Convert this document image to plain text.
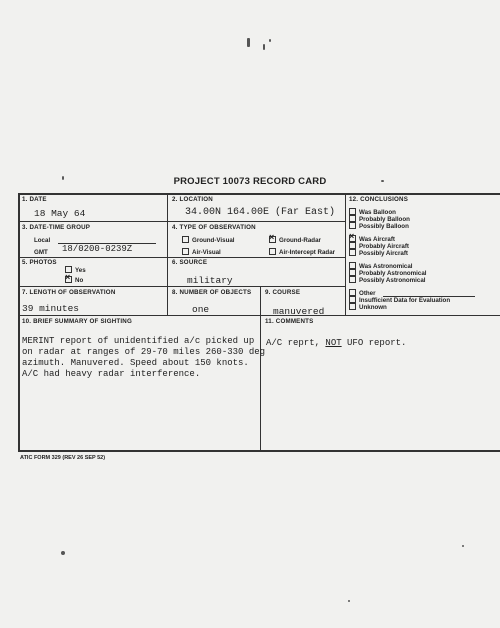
PROJECT 10073 RECORD CARD
1. DATE
18 May 64
2. LOCATION
34.00N 164.00E (Far East)
3. DATE-TIME GROUP
Local
GMT 18/0200-0239Z
4. TYPE OF OBSERVATION
Ground-Visual
×	Ground-Radar
Air-Visual	Air-Intercept Radar
5. PHOTOS
Yes
×No
6. SOURCE
military
7. LENGTH OF OBSERVATION
39 minutes
8. NUMBER OF OBJECTS
one
9. COURSE
manuvered
10. BRIEF SUMMARY OF SIGHTING
MERINT report of unidentified a/c picked up
on radar at ranges of 29-70 miles 260-330 deg
azimuth. Manuvered. Speed about 150 knots.
A/C had heavy radar interference.
11. COMMENTS
A/C reprt, NOT UFO report.
12. CONCLUSIONS
Was Balloon
Probably Balloon
Possibly Balloon
×Was Aircraft
Probably Aircraft
Possibly Aircraft
Was Astronomical
Probably Astronomical
Possibly Astronomical
Other
Insufficient Data for Evaluation
Unknown
ATIC FORM 329 (REV 26 SEP 52)
